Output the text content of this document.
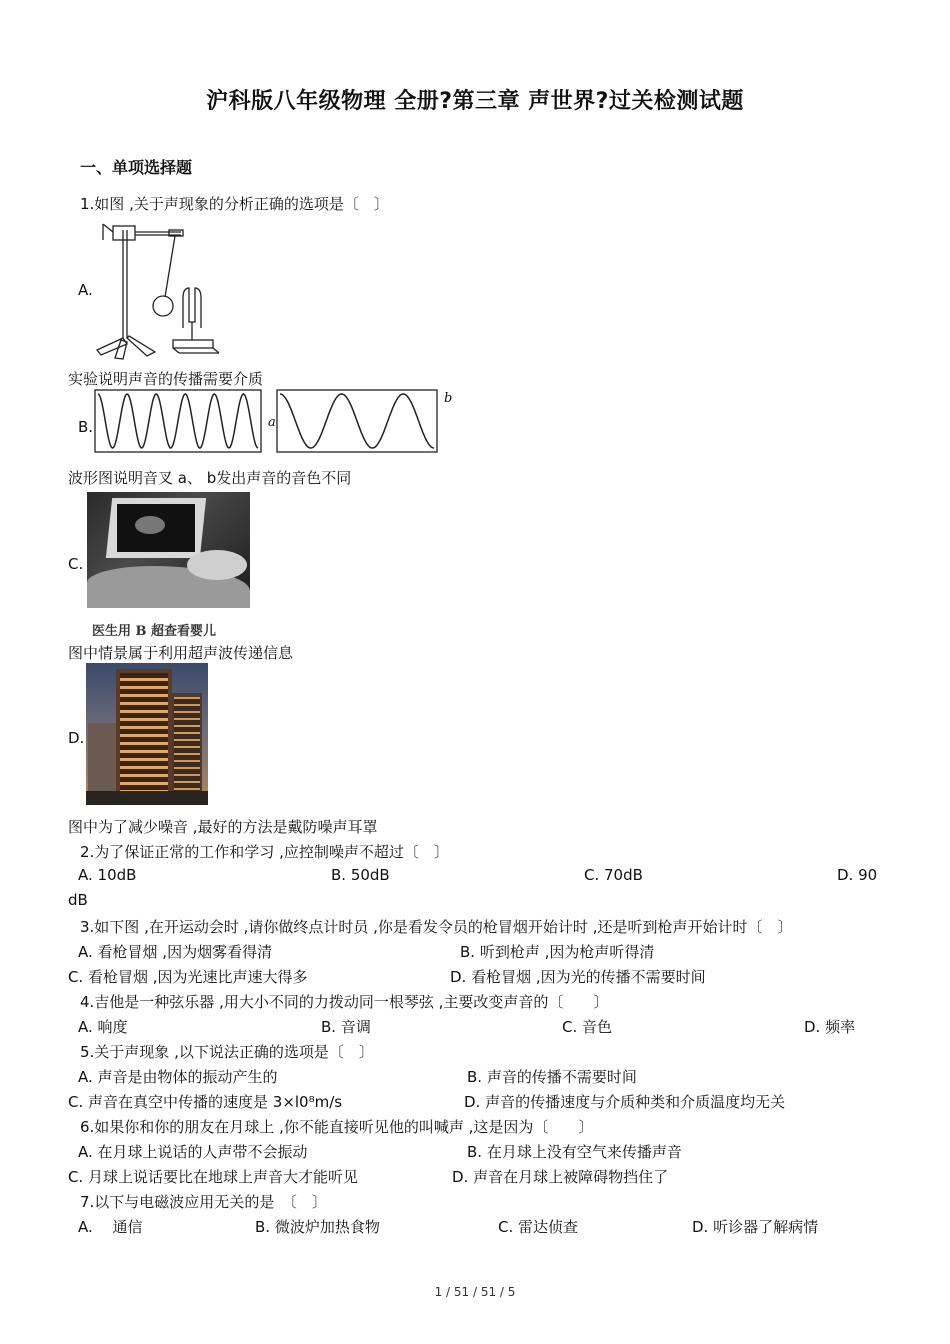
沪科版八年级物理 全册?第三章 声世界?过关检测试题
一、单项选择题
1.如图 ,关于声现象的分析正确的选项是〔　〕
A.
实验说明声音的传播需要介质
B.	a
b
波形图说明音叉 a、 b发出声音的音色不同
C.
医生用 B 超查看婴儿
图中情景属于利用超声波传递信息
D.
图中为了减少噪音 ,最好的方法是戴防噪声耳罩
2.为了保证正常的工作和学习 ,应控制噪声不超过〔　〕
A. 10dB	B. 50dB	C. 70dB	D. 90
dB
3.如下图 ,在开运动会时 ,请你做终点计时员 ,你是看发令员的枪冒烟开始计时 ,还是听到枪声开始计时〔　〕
A. 看枪冒烟 ,因为烟雾看得清	B. 听到枪声 ,因为枪声听得清
C. 看枪冒烟 ,因为光速比声速大得多	D. 看枪冒烟 ,因为光的传播不需要时间
4.吉他是一种弦乐器 ,用大小不同的力拨动同一根琴弦 ,主要改变声音的〔　　〕
A. 响度	B. 音调	C. 音色	D. 频率
5.关于声现象 ,以下说法正确的选项是〔　〕
A. 声音是由物体的振动产生的	B. 声音的传播不需要时间
C. 声音在真空中传播的速度是 3×l0⁸m/s	D. 声音的传播速度与介质种类和介质温度均无关
6.如果你和你的朋友在月球上 ,你不能直接听见他的叫喊声 ,这是因为〔　　〕
A. 在月球上说话的人声带不会振动	B. 在月球上没有空气来传播声音
C. 月球上说话要比在地球上声音大才能听见	D. 声音在月球上被障碍物挡住了
7.以下与电磁波应用无关的是　〔　〕
A.　 通信	B. 微波炉加热食物	C. 雷达侦查	D. 听诊器了解病情
1 / 51 / 51 / 5
